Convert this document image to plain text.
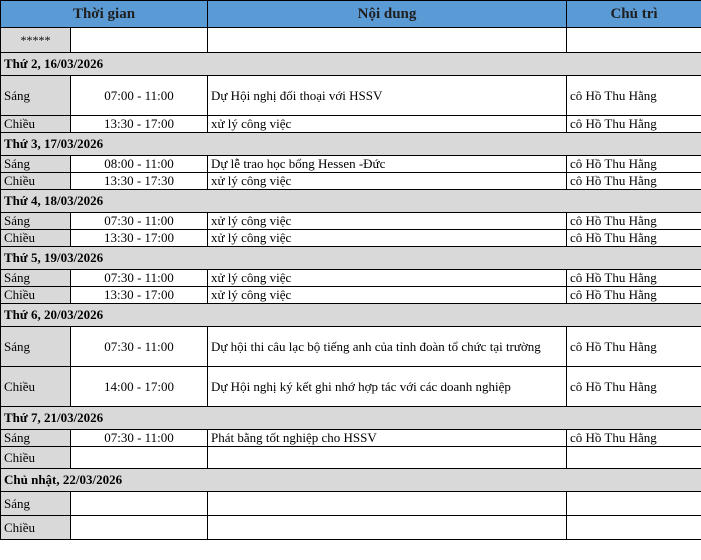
Thời gian		Nội dung	Chủ trì
*****			
Thứ 2, 16/03/2026			
Sáng	07:00 - 11:00	Dự Hội nghị đối thoại với HSSV	cô Hồ Thu Hằng
Chiều	13:30 - 17:00	xử lý công việc	cô Hồ Thu Hằng
Thứ 3, 17/03/2026			
Sáng	08:00 - 11:00	Dự lễ trao học bổng Hessen -Đức	cô Hồ Thu Hằng
Chiều	13:30 - 17:30	xử lý công việc	cô Hồ Thu Hằng
Thứ 4, 18/03/2026			
Sáng	07:30 - 11:00	xử lý công việc	cô Hồ Thu Hằng
Chiều	13:30 - 17:00	xử lý công việc	cô Hồ Thu Hằng
Thứ 5, 19/03/2026			
Sáng	07:30 - 11:00	xử lý công việc	cô Hồ Thu Hằng
Chiều	13:30 - 17:00	xử lý công việc	cô Hồ Thu Hằng
Thứ 6, 20/03/2026			
Sáng	07:30 - 11:00	Dự hội thi câu lạc bộ tiếng anh của tỉnh đoàn tổ chức tại trường	cô Hồ Thu Hằng
Chiều	14:00 - 17:00	Dự Hội nghị ký kết ghi nhớ hợp tác với các doanh nghiệp	cô Hồ Thu Hằng
Thứ 7, 21/03/2026			
Sáng	07:30 - 11:00	Phát bằng tốt nghiệp cho HSSV	cô Hồ Thu Hằng
Chiều			
Chủ nhật, 22/03/2026			
Sáng			
Chiều			
